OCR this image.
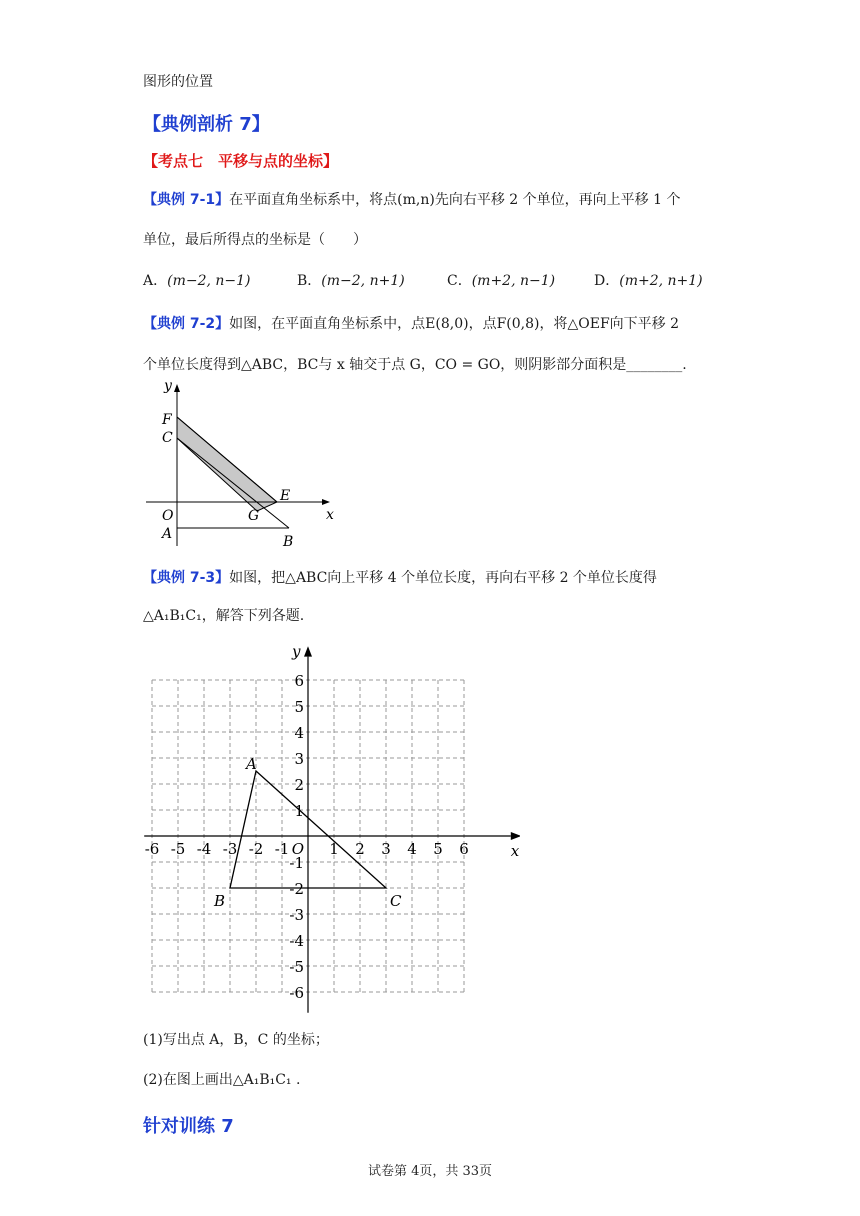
图形的位置
【典例剖析 7】
【考点七　平移与点的坐标】
【典例 7-1】在平面直角坐标系中，将点(m,n)先向右平移 2 个单位，再向上平移 1 个
单位，最后所得点的坐标是（　　）
A．(m−2, n−1)	B．(m−2, n+1)	C．(m+2, n−1)	D．(m+2, n+1)
【典例 7-2】如图，在平面直角坐标系中，点E(8,0)，点F(0,8)，将△OEF向下平移 2
个单位长度得到△ABC，BC与 x 轴交于点 G，CO = GO，则阴影部分面积是________.
y
x
F
C
E
O	G
A	B
【典例 7-3】如图，把△ABC向上平移 4 个单位长度，再向右平移 2 个单位长度得
△A₁B₁C₁，解答下列各题.
-6 -5 -4 -3 -2 -1	1 2 3 4 5 6
6
5
4
3
2
1
-1
-2
-3
-4
-5
-6
O	x
y
A
B	C
(1)写出点 A，B，C 的坐标；
(2)在图上画出△A₁B₁C₁ .
针对训练 7
试卷第 4页，共 33页
